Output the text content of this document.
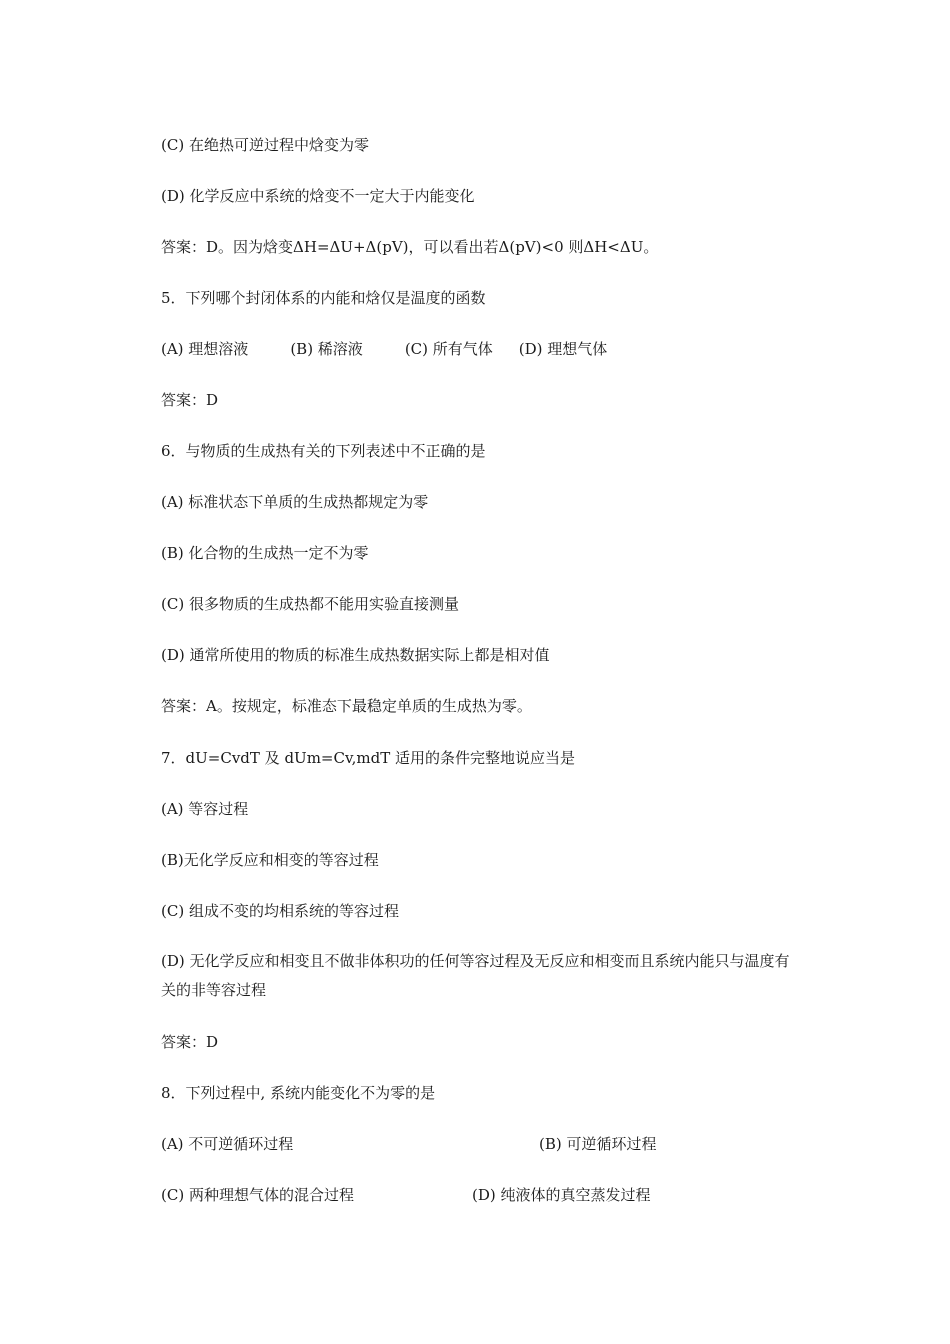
(C) 在绝热可逆过程中焓变为零
(D) 化学反应中系统的焓变不一定大于内能变化
答案：D。因为焓变ΔH=ΔU+Δ(pV)，可以看出若Δ(pV)<0 则ΔH<ΔU。
5．下列哪个封闭体系的内能和焓仅是温度的函数
(A) 理想溶液	(B) 稀溶液	(C) 所有气体 (D) 理想气体
答案：D
6．与物质的生成热有关的下列表述中不正确的是
(A) 标准状态下单质的生成热都规定为零
(B) 化合物的生成热一定不为零
(C) 很多物质的生成热都不能用实验直接测量
(D) 通常所使用的物质的标准生成热数据实际上都是相对值
答案：A。按规定，标准态下最稳定单质的生成热为零。
7．dU=CvdT 及 dUm=Cv,mdT 适用的条件完整地说应当是
(A) 等容过程
(B)无化学反应和相变的等容过程
(C) 组成不变的均相系统的等容过程
(D) 无化学反应和相变且不做非体积功的任何等容过程及无反应和相变而且系统内能只与温度有关的非等容过程
答案：D
8．下列过程中, 系统内能变化不为零的是
(A) 不可逆循环过程	(B) 可逆循环过程
(C) 两种理想气体的混合过程	(D) 纯液体的真空蒸发过程
